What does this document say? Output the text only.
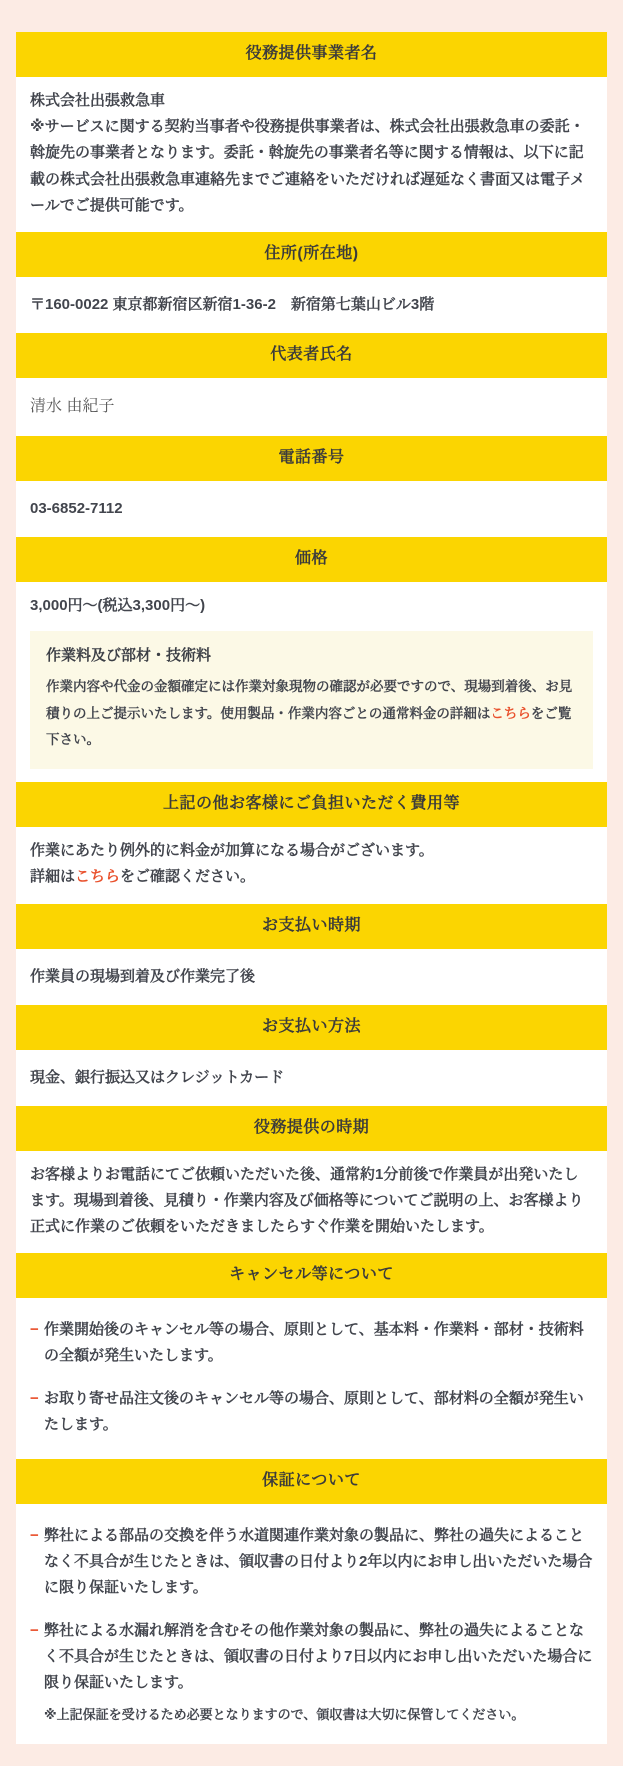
役務提供事業者名
株式会社出張救急車
※サービスに関する契約当事者や役務提供事業者は、株式会社出張救急車の委託・斡旋先の事業者となります。委託・斡旋先の事業者名等に関する情報は、以下に記載の株式会社出張救急車連絡先までご連絡をいただければ遅延なく書面又は電子メールでご提供可能です。
住所(所在地)
〒160-0022 東京都新宿区新宿1-36-2　新宿第七葉山ビル3階
代表者氏名
清水 由紀子
電話番号
03-6852-7112
価格
3,000円〜(税込3,300円〜)
作業料及び部材・技術料
作業内容や代金の金額確定には作業対象現物の確認が必要ですので、現場到着後、お見積りの上ご提示いたします。使用製品・作業内容ごとの通常料金の詳細はこちらをご覧下さい。
上記の他お客様にご負担いただく費用等
作業にあたり例外的に料金が加算になる場合がございます。
詳細はこちらをご確認ください。
お支払い時期
作業員の現場到着及び作業完了後
お支払い方法
現金、銀行振込又はクレジットカード
役務提供の時期
お客様よりお電話にてご依頼いただいた後、通常約1分前後で作業員が出発いたします。現場到着後、見積り・作業内容及び価格等についてご説明の上、お客様より正式に作業のご依頼をいただきましたらすぐ作業を開始いたします。
キャンセル等について
− 作業開始後のキャンセル等の場合、原則として、基本料・作業料・部材・技術料の全額が発生いたします。
− お取り寄せ品注文後のキャンセル等の場合、原則として、部材料の全額が発生いたします。
保証について
− 弊社による部品の交換を伴う水道関連作業対象の製品に、弊社の過失によることなく不具合が生じたときは、領収書の日付より2年以内にお申し出いただいた場合に限り保証いたします。
− 弊社による水漏れ解消を含むその他作業対象の製品に、弊社の過失によることなく不具合が生じたときは、領収書の日付より7日以内にお申し出いただいた場合に限り保証いたします。
※上記保証を受けるため必要となりますので、領収書は大切に保管してください。
